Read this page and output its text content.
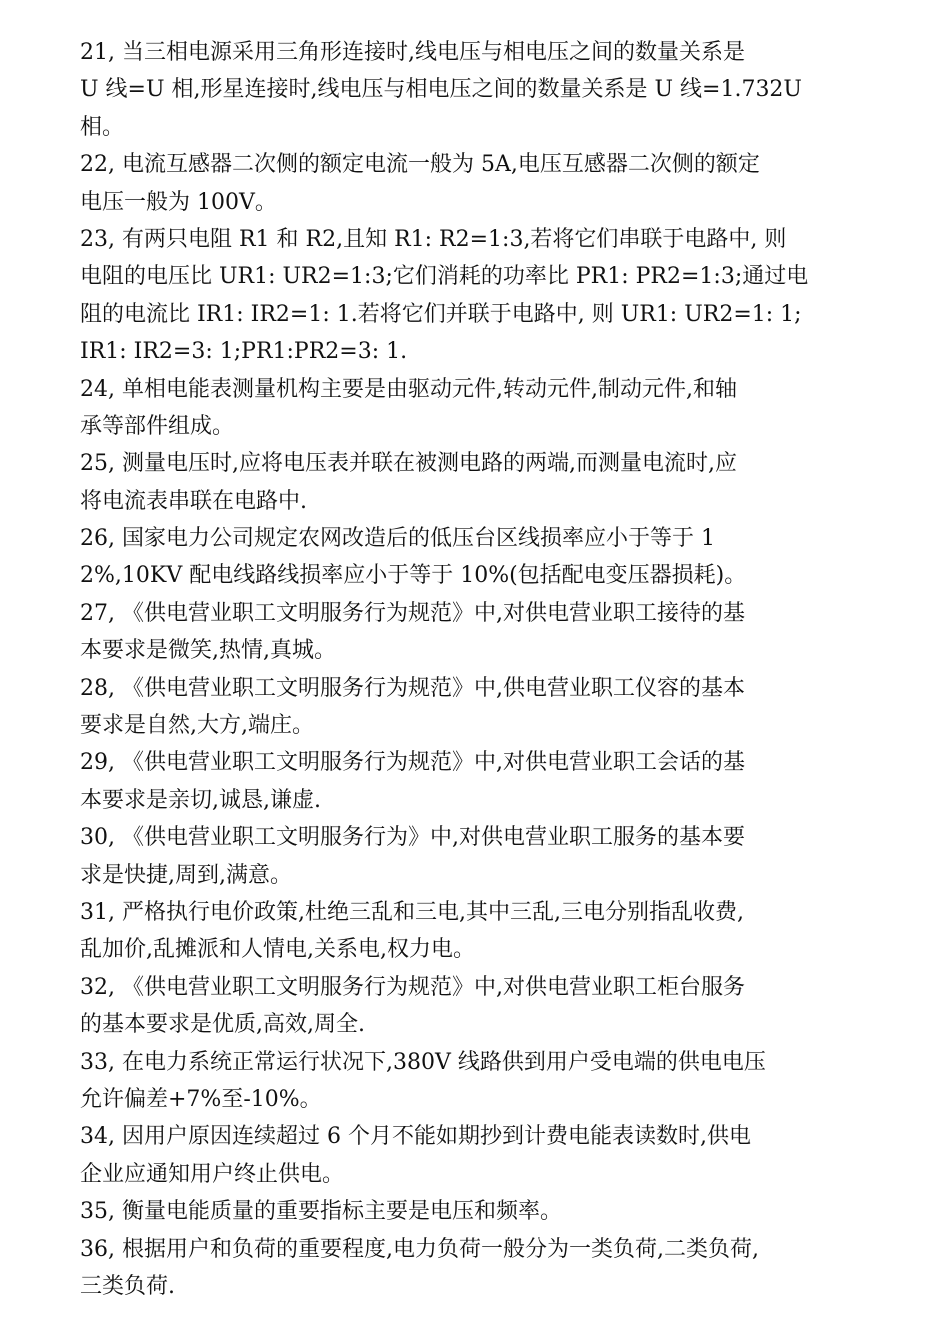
21, 当三相电源采用三角形连接时,线电压与相电压之间的数量关系是
U 线=U 相,形星连接时,线电压与相电压之间的数量关系是 U 线=1.732U
相。
22, 电流互感器二次侧的额定电流一般为 5A,电压互感器二次侧的额定
电压一般为 100V。
23, 有两只电阻 R1 和 R2,且知 R1: R2=1:3,若将它们串联于电路中, 则
电阻的电压比 UR1: UR2=1:3;它们消耗的功率比 PR1: PR2=1:3;通过电
阻的电流比 IR1: IR2=1: 1.若将它们并联于电路中, 则 UR1: UR2=1: 1;
IR1: IR2=3: 1;PR1:PR2=3: 1.
24, 单相电能表测量机构主要是由驱动元件,转动元件,制动元件,和轴
承等部件组成。
25, 测量电压时,应将电压表并联在被测电路的两端,而测量电流时,应
将电流表串联在电路中.
26, 国家电力公司规定农网改造后的低压台区线损率应小于等于 1
2%,10KV 配电线路线损率应小于等于 10%(包括配电变压器损耗)。
27, 《供电营业职工文明服务行为规范》中,对供电营业职工接待的基
本要求是微笑,热情,真城。
28, 《供电营业职工文明服务行为规范》中,供电营业职工仪容的基本
要求是自然,大方,端庄。
29, 《供电营业职工文明服务行为规范》中,对供电营业职工会话的基
本要求是亲切,诚恳,谦虚.
30, 《供电营业职工文明服务行为》中,对供电营业职工服务的基本要
求是快捷,周到,满意。
31, 严格执行电价政策,杜绝三乱和三电,其中三乱,三电分别指乱收费,
乱加价,乱摊派和人情电,关系电,权力电。
32, 《供电营业职工文明服务行为规范》中,对供电营业职工柜台服务
的基本要求是优质,高效,周全.
33, 在电力系统正常运行状况下,380V 线路供到用户受电端的供电电压
允许偏差+7%至-10%。
34, 因用户原因连续超过 6 个月不能如期抄到计费电能表读数时,供电
企业应通知用户终止供电。
35, 衡量电能质量的重要指标主要是电压和频率。
36, 根据用户和负荷的重要程度,电力负荷一般分为一类负荷,二类负荷,
三类负荷.
